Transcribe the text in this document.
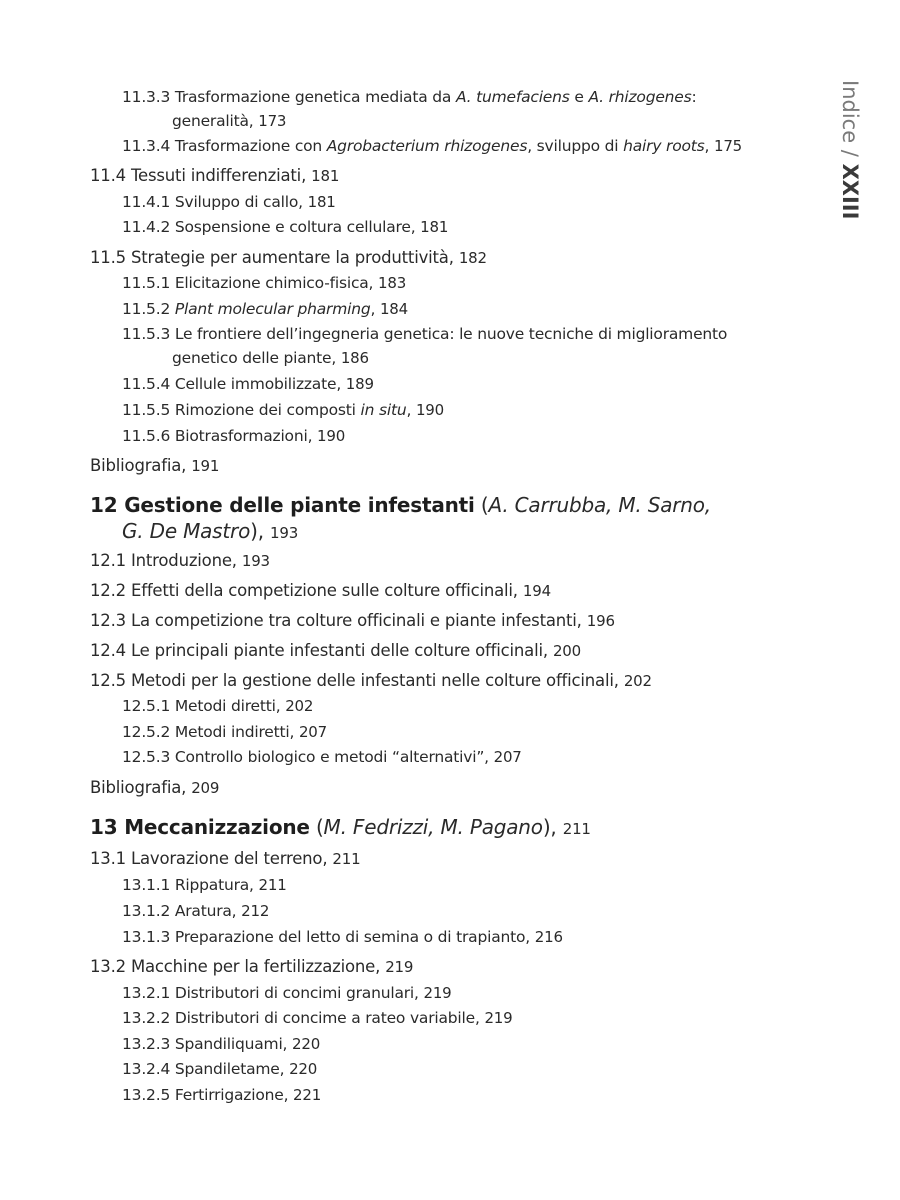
Indice / XXIII
11.3.3 Trasformazione genetica mediata da A. tumefaciens e A. rhizogenes:
generalità, 173
11.3.4 Trasformazione con Agrobacterium rhizogenes, sviluppo di hairy roots, 175
11.4 Tessuti indifferenziati, 181
11.4.1 Sviluppo di callo, 181
11.4.2 Sospensione e coltura cellulare, 181
11.5 Strategie per aumentare la produttività, 182
11.5.1 Elicitazione chimico-fisica, 183
11.5.2 Plant molecular pharming, 184
11.5.3 Le frontiere dell’ingegneria genetica: le nuove tecniche di miglioramento
genetico delle piante, 186
11.5.4 Cellule immobilizzate, 189
11.5.5 Rimozione dei composti in situ, 190
11.5.6 Biotrasformazioni, 190
Bibliografia, 191
12 Gestione delle piante infestanti (A. Carrubba, M. Sarno,
G. De Mastro), 193
12.1 Introduzione, 193
12.2 Effetti della competizione sulle colture officinali, 194
12.3 La competizione tra colture officinali e piante infestanti, 196
12.4 Le principali piante infestanti delle colture officinali, 200
12.5 Metodi per la gestione delle infestanti nelle colture officinali, 202
12.5.1 Metodi diretti, 202
12.5.2 Metodi indiretti, 207
12.5.3 Controllo biologico e metodi “alternativi”, 207
Bibliografia, 209
13 Meccanizzazione (M. Fedrizzi, M. Pagano), 211
13.1 Lavorazione del terreno, 211
13.1.1 Rippatura, 211
13.1.2 Aratura, 212
13.1.3 Preparazione del letto di semina o di trapianto, 216
13.2 Macchine per la fertilizzazione, 219
13.2.1 Distributori di concimi granulari, 219
13.2.2 Distributori di concime a rateo variabile, 219
13.2.3 Spandiliquami, 220
13.2.4 Spandiletame, 220
13.2.5 Fertirrigazione, 221
